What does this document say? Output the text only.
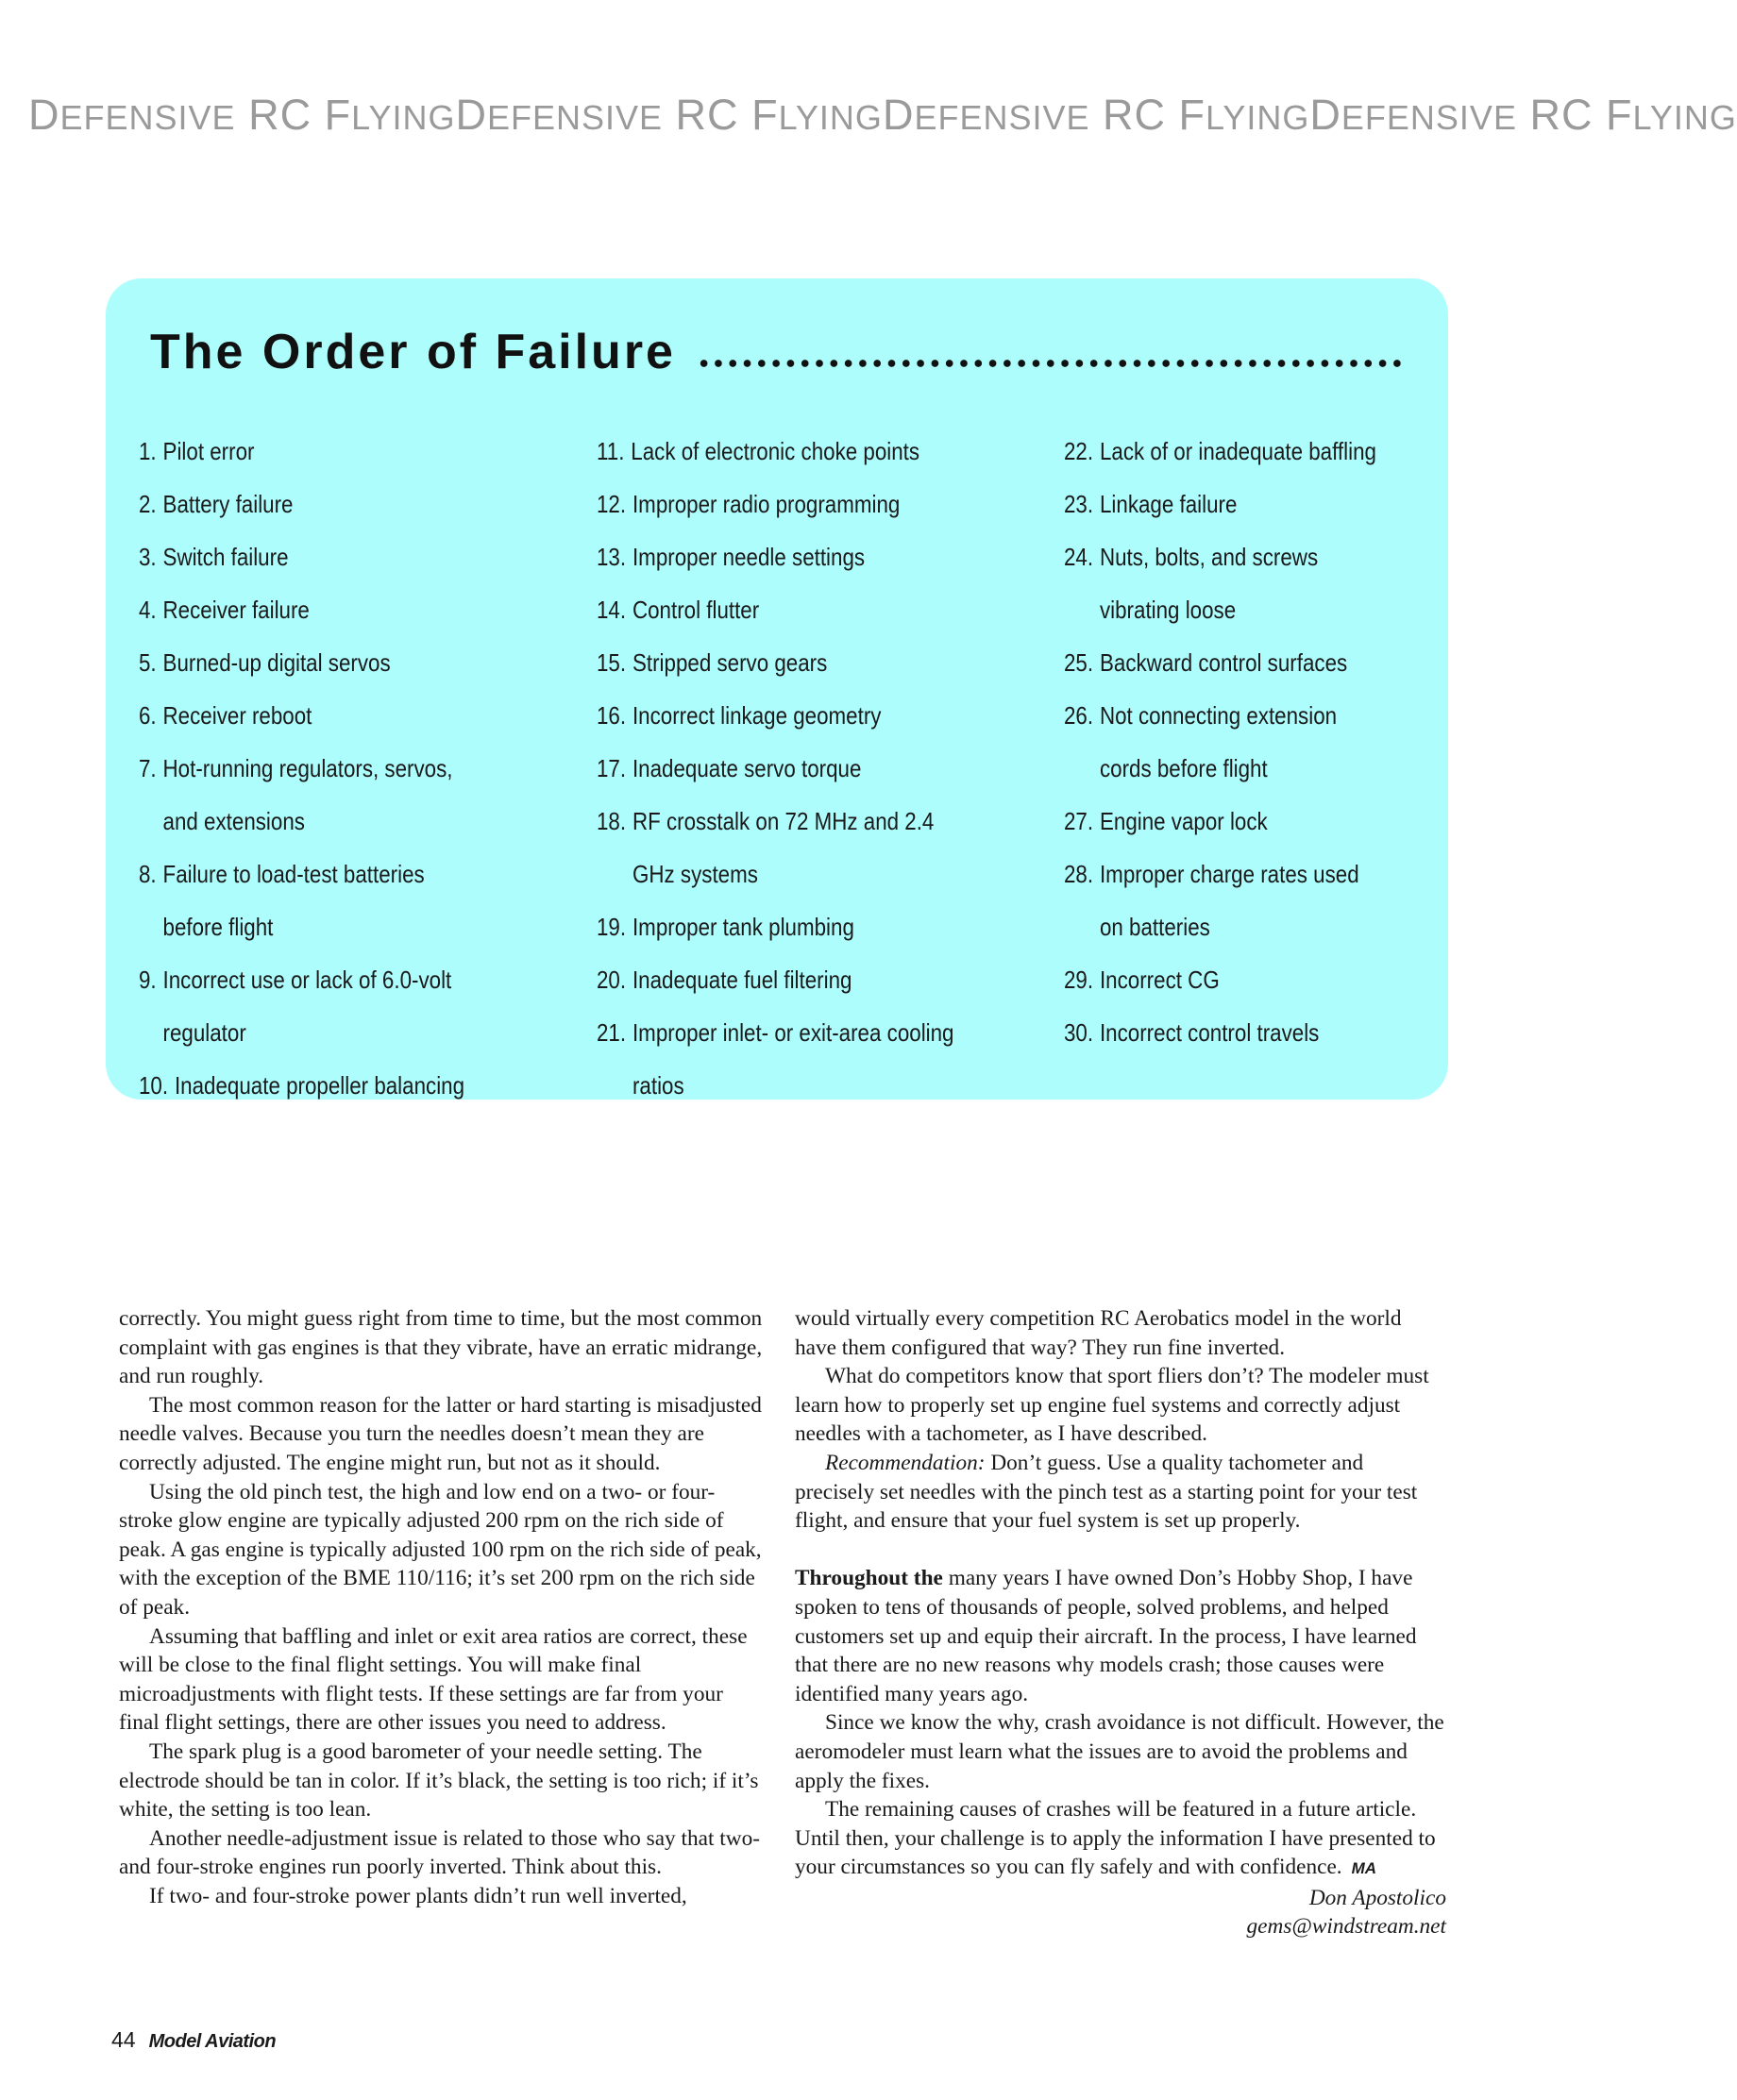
DEFENSIVE RC FLYING DEFENSIVE RC FLYING DEFENSIVE RC FLYING DEFENSIVE RC FLYING
The Order of Failure
1. Pilot error
2. Battery failure
3. Switch failure
4. Receiver failure
5. Burned-up digital servos
6. Receiver reboot
7. Hot-running regulators, servos, and extensions
8. Failure to load-test batteries before flight
9. Incorrect use or lack of 6.0-volt regulator
10. Inadequate propeller balancing
11. Lack of electronic choke points
12. Improper radio programming
13. Improper needle settings
14. Control flutter
15. Stripped servo gears
16. Incorrect linkage geometry
17. Inadequate servo torque
18. RF crosstalk on 72 MHz and 2.4 GHz systems
19. Improper tank plumbing
20. Inadequate fuel filtering
21. Improper inlet- or exit-area cooling ratios
22. Lack of or inadequate baffling
23. Linkage failure
24. Nuts, bolts, and screws vibrating loose
25. Backward control surfaces
26. Not connecting extension cords before flight
27. Engine vapor lock
28. Improper charge rates used on batteries
29. Incorrect CG
30. Incorrect control travels

correctly. You might guess right from time to time, but the most common complaint with gas engines is that they vibrate, have an erratic midrange, and run roughly.

The most common reason for the latter or hard starting is misadjusted needle valves. Because you turn the needles doesn’t mean they are correctly adjusted. The engine might run, but not as it should.

Using the old pinch test, the high and low end on a two- or four-stroke glow engine are typically adjusted 200 rpm on the rich side of peak. A gas engine is typically adjusted 100 rpm on the rich side of peak, with the exception of the BME 110/116; it’s set 200 rpm on the rich side of peak.

Assuming that baffling and inlet or exit area ratios are correct, these will be close to the final flight settings. You will make final microadjustments with flight tests. If these settings are far from your final flight settings, there are other issues you need to address.

The spark plug is a good barometer of your needle setting. The electrode should be tan in color. If it’s black, the setting is too rich; if it’s white, the setting is too lean.

Another needle-adjustment issue is related to those who say that two- and four-stroke engines run poorly inverted. Think about this.

If two- and four-stroke power plants didn’t run well inverted,

would virtually every competition RC Aerobatics model in the world have them configured that way? They run fine inverted.

What do competitors know that sport fliers don’t? The modeler must learn how to properly set up engine fuel systems and correctly adjust needles with a tachometer, as I have described.

Recommendation: Don’t guess. Use a quality tachometer and precisely set needles with the pinch test as a starting point for your test flight, and ensure that your fuel system is set up properly.

Throughout the many years I have owned Don’s Hobby Shop, I have spoken to tens of thousands of people, solved problems, and helped customers set up and equip their aircraft. In the process, I have learned that there are no new reasons why models crash; those causes were identified many years ago.

Since we know the why, crash avoidance is not difficult. However, the aeromodeler must learn what the issues are to avoid the problems and apply the fixes.

The remaining causes of crashes will be featured in a future article. Until then, your challenge is to apply the information I have presented to your circumstances so you can fly safely and with confidence. MA

Don Apostolico
gems@windstream.net
44 Model Aviation
